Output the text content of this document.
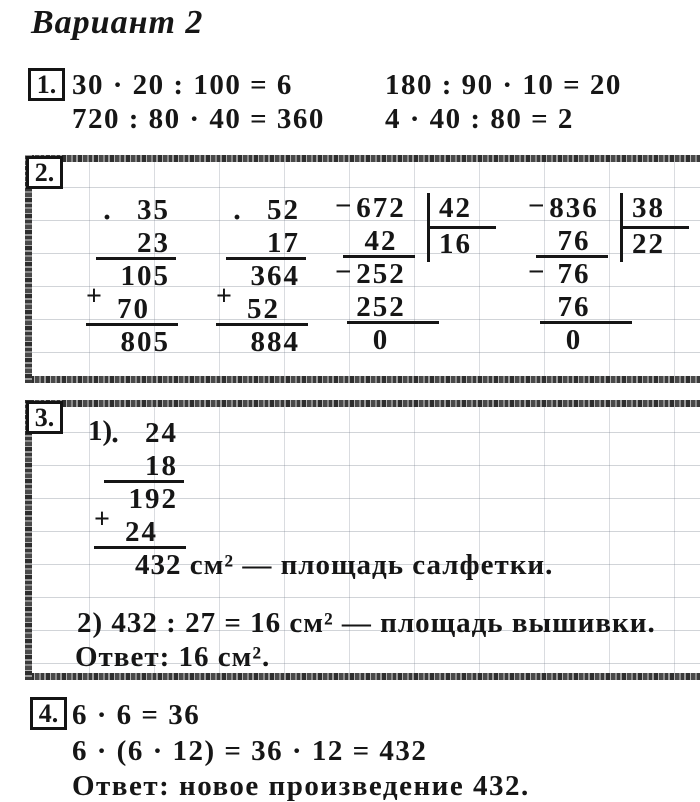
Вариант 2
1. 30 · 20 : 100 = 6	180 : 90 · 10 = 20
720 : 80 · 40 = 360 4 · 40 : 80 = 2
2.
· 35
23
105
+ 70
805
· 52
17
364
+ 52
884
− 672
42
− 252
252
0
42
16
− 836
76
− 76
76
0
38
22
3.	1)
· 24
18
192
+ 24
432 см² — площадь салфетки.
2) 432 : 27 = 16 см² — площадь вышивки.
Ответ: 16 см².
4. 6 · 6 = 36
6 · (6 · 12) = 36 · 12 = 432
Ответ: новое произведение 432.
